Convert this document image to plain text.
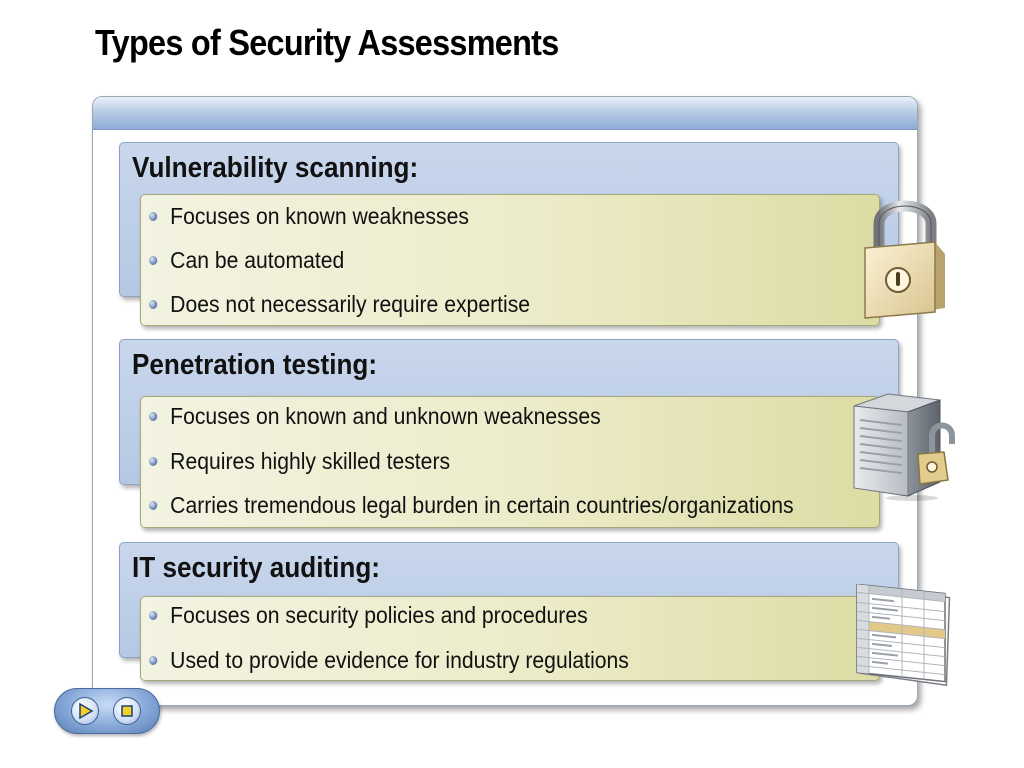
Types of Security Assessments
Vulnerability scanning:
Focuses on known weaknesses
Can be automated
Does not necessarily require expertise
Penetration testing:
Focuses on known and unknown weaknesses
Requires highly skilled testers
Carries tremendous legal burden in certain countries/organizations
IT security auditing:
Focuses on security policies and procedures
Used to provide evidence for industry regulations
